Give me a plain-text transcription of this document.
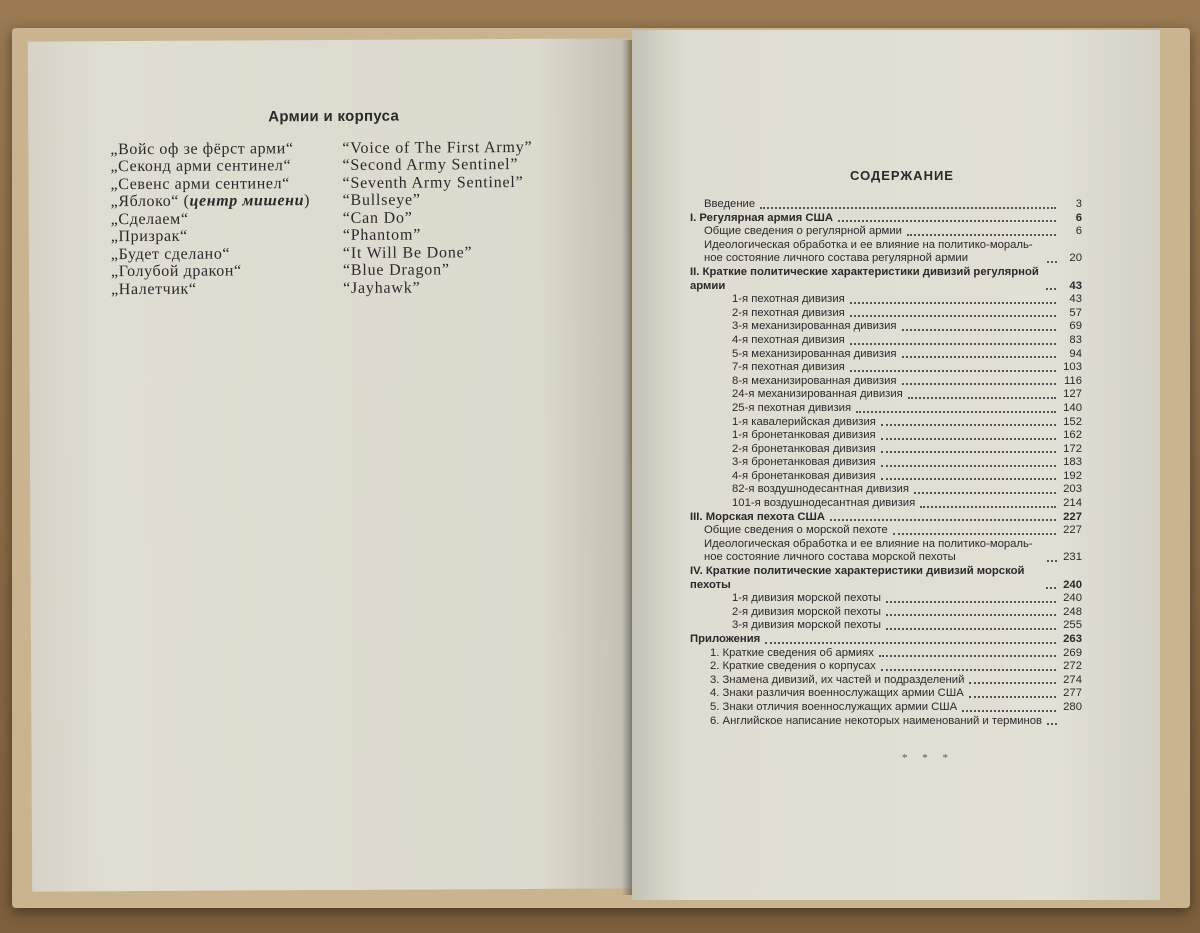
Армии и корпуса
„Войс оф зе фёрст арми“	“Voice of The First Army”
„Секонд арми сентинел“	“Second Army Sentinel”
„Севенс арми сентинел“	“Seventh Army Sentinel”
„Яблоко“ (центр мишени)	“Bullseye”
„Сделаем“	“Can Do”
„Призрак“	“Phantom”
„Будет сделано“	“It Will Be Done”
„Голубой дракон“	“Blue Dragon”
„Налетчик“	“Jayhawk”
СОДЕРЖАНИЕ
Введение	3
I. Регулярная армия США	6
Общие сведения о регулярной армии	6
Идеологическая обработка и ее влияние на политико-мораль-ное состояние личного состава регулярной армии	20
II. Краткие политические характеристики дивизий регулярной армии	43
1-я пехотная дивизия	43
2-я пехотная дивизия	57
3-я механизированная дивизия	69
4-я пехотная дивизия	83
5-я механизированная дивизия	94
7-я пехотная дивизия	103
8-я механизированная дивизия	116
24-я механизированная дивизия	127
25-я пехотная дивизия	140
1-я кавалерийская дивизия	152
1-я бронетанковая дивизия	162
2-я бронетанковая дивизия	172
3-я бронетанковая дивизия	183
4-я бронетанковая дивизия	192
82-я воздушнодесантная дивизия	203
101-я воздушнодесантная дивизия	214
III. Морская пехота США	227
Общие сведения о морской пехоте	227
Идеологическая обработка и ее влияние на политико-мораль-ное состояние личного состава морской пехоты	231
IV. Краткие политические характеристики дивизий морской пехоты	240
1-я дивизия морской пехоты	240
2-я дивизия морской пехоты	248
3-я дивизия морской пехоты	255
Приложения	263
1. Краткие сведения об армиях	269
2. Краткие сведения о корпусах	272
3. Знамена дивизий, их частей и подразделений	274
4. Знаки различия военнослужащих армии США	277
5. Знаки отличия военнослужащих армии США	280
6. Английское написание некоторых наименований и терминов
* * *
